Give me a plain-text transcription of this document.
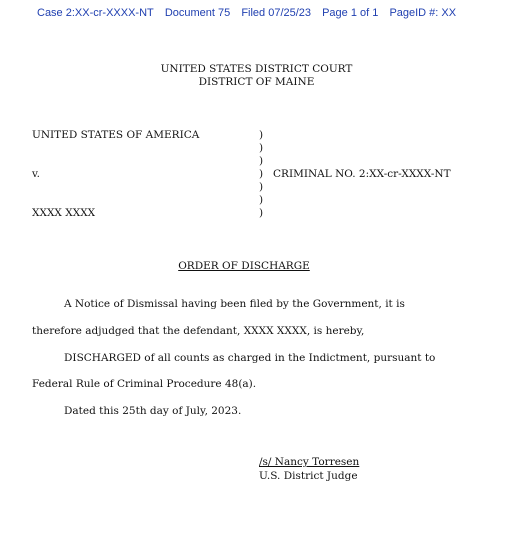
Case 2:XX-cr-XXXX-NT Document 75 Filed 07/25/23 Page 1 of 1 PageID #: XX
UNITED STATES DISTRICT COURT
DISTRICT OF MAINE
UNITED STATES OF AMERICA
v.
XXXX XXXX
)
)
)
)
)
)
)
CRIMINAL NO. 2:XX-cr-XXXX-NT
ORDER OF DISCHARGE
A Notice of Dismissal having been filed by the Government, it is
therefore adjudged that the defendant, XXXX XXXX, is hereby,
DISCHARGED of all counts as charged in the Indictment, pursuant to
Federal Rule of Criminal Procedure 48(a).
Dated this 25th day of July, 2023.
/s/ Nancy Torresen
U.S. District Judge
